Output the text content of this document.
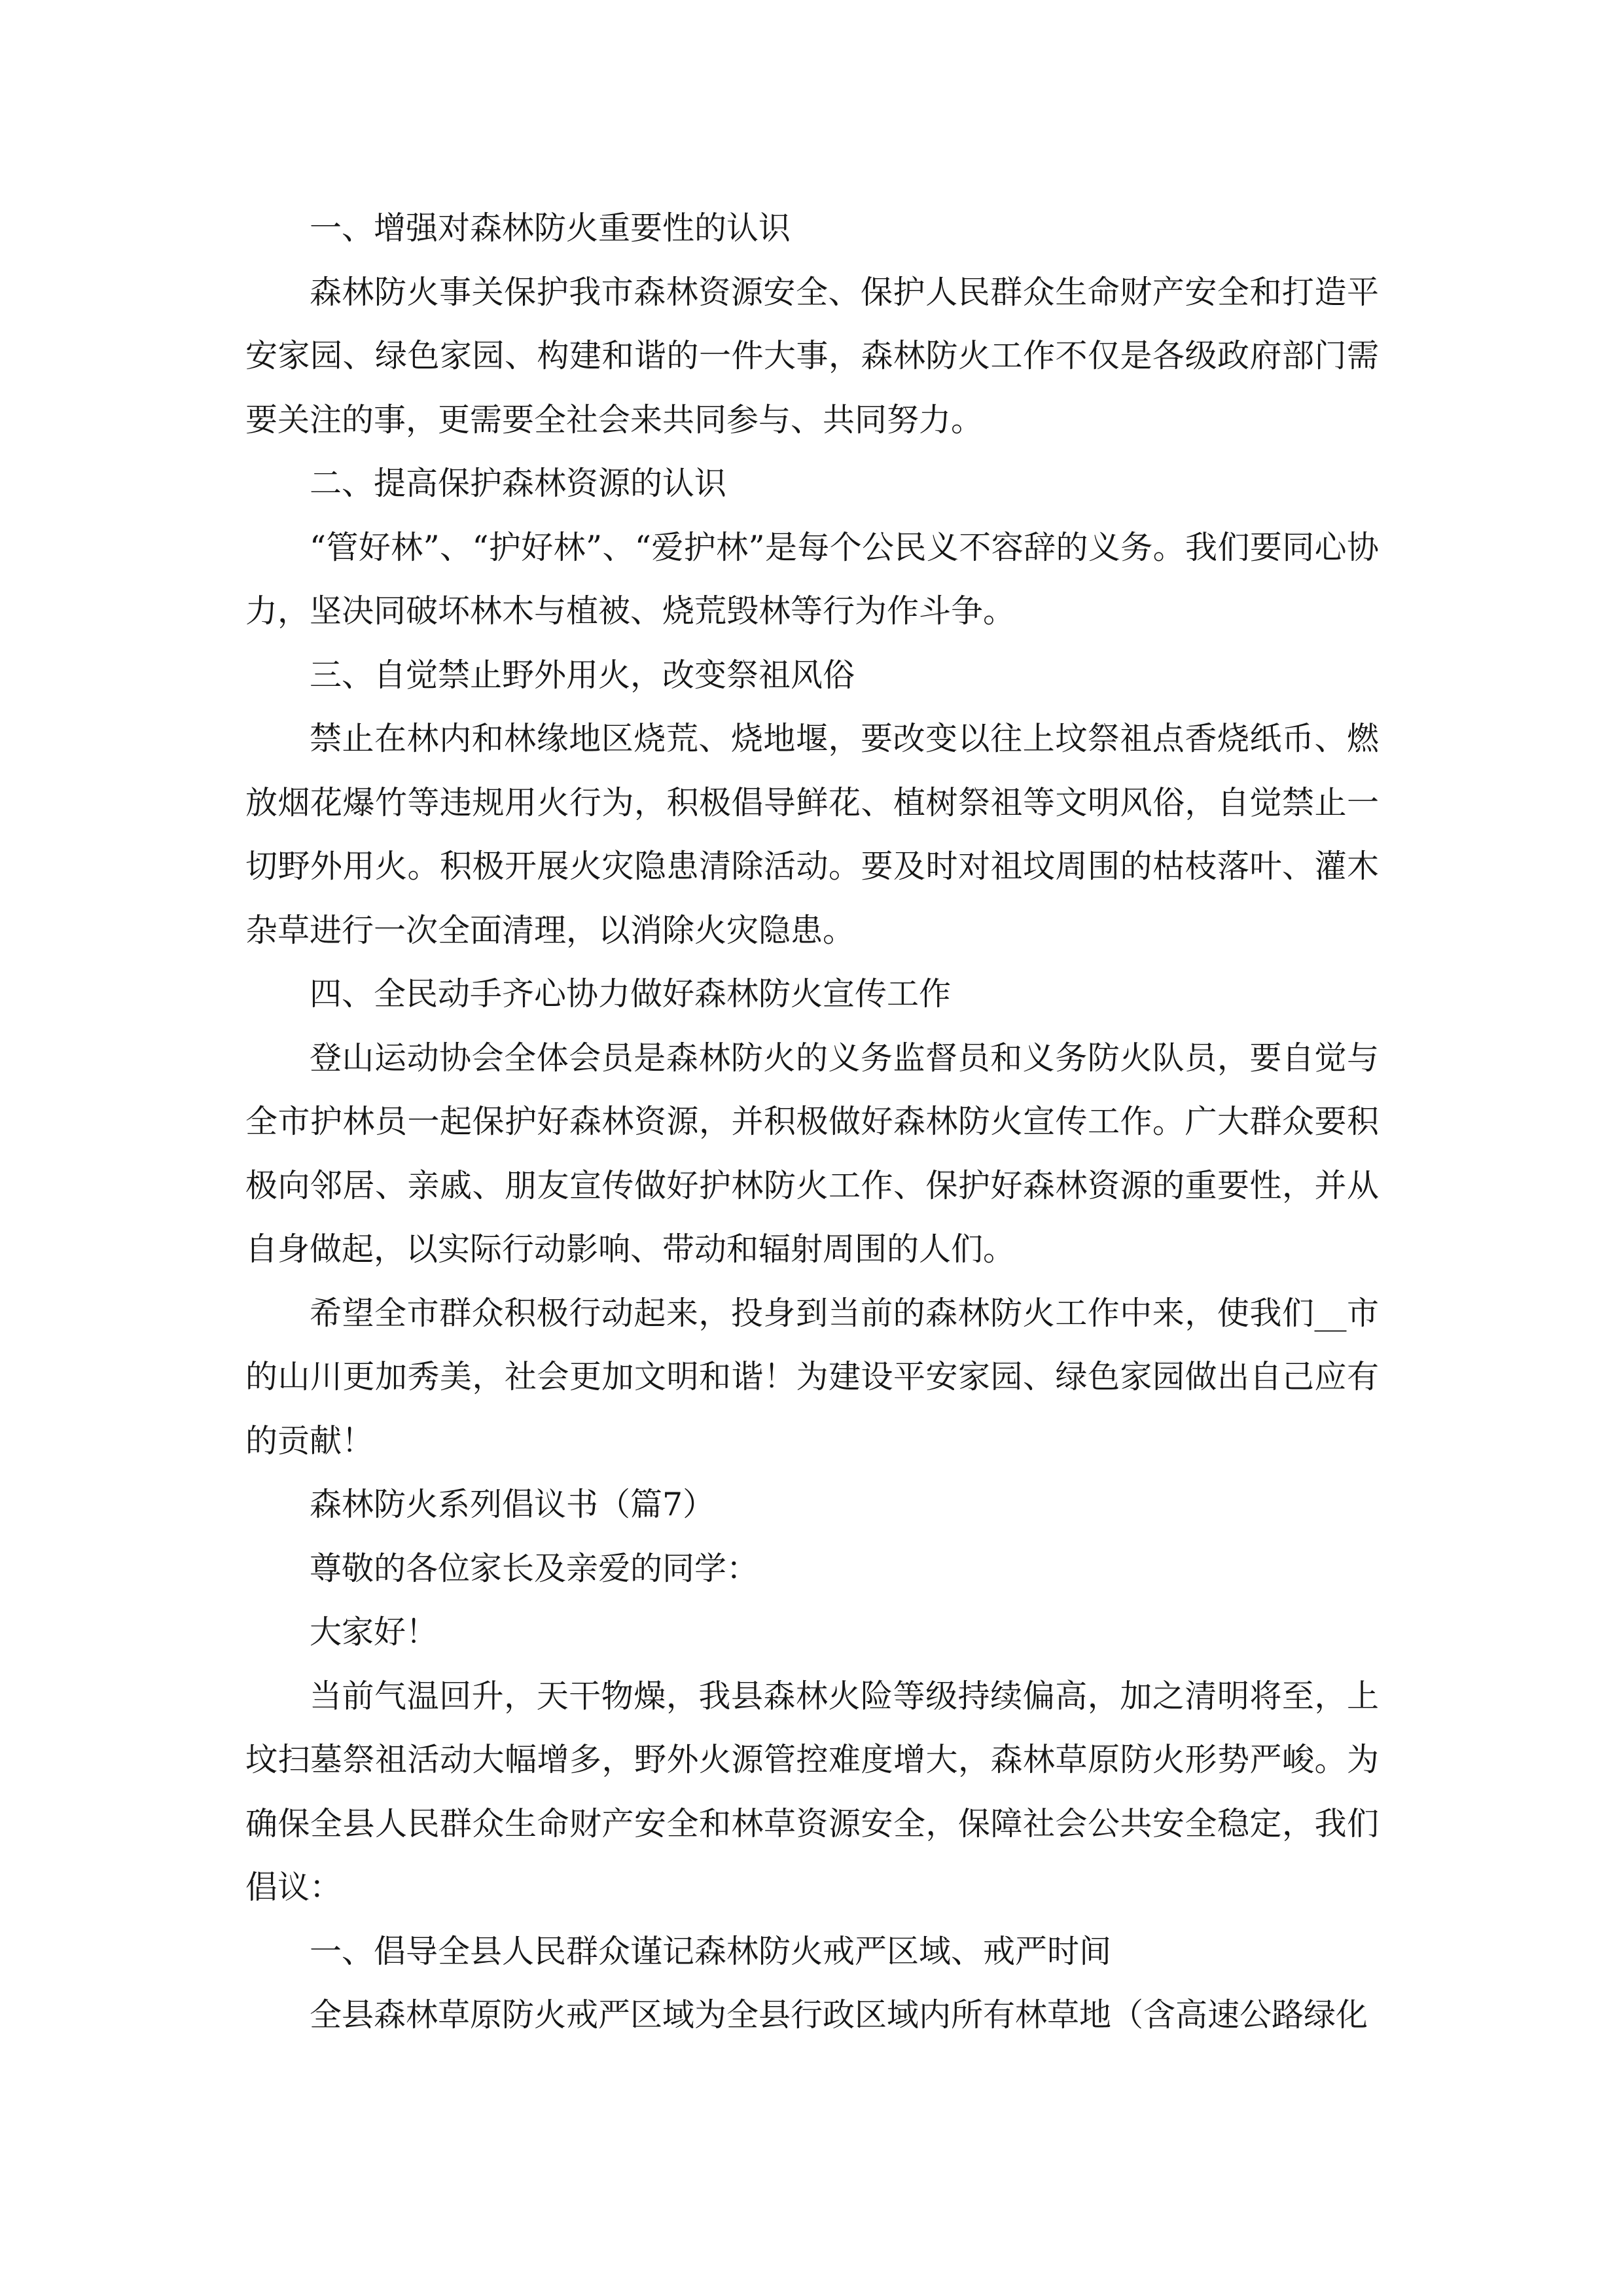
一、增强对森林防火重要性的认识

森林防火事关保护我市森林资源安全、保护人民群众生命财产安全和打造平安家园、绿色家园、构建和谐的一件大事，森林防火工作不仅是各级政府部门需要关注的事，更需要全社会来共同参与、共同努力。

二、提高保护森林资源的认识

“管好林”、“护好林”、“爱护林”是每个公民义不容辞的义务。我们要同心协力，坚决同破坏林木与植被、烧荒毁林等行为作斗争。

三、自觉禁止野外用火，改变祭祖风俗

禁止在林内和林缘地区烧荒、烧地堰，要改变以往上坟祭祖点香烧纸币、燃放烟花爆竹等违规用火行为，积极倡导鲜花、植树祭祖等文明风俗，自觉禁止一切野外用火。积极开展火灾隐患清除活动。要及时对祖坟周围的枯枝落叶、灌木杂草进行一次全面清理，以消除火灾隐患。

四、全民动手齐心协力做好森林防火宣传工作

登山运动协会全体会员是森林防火的义务监督员和义务防火队员，要自觉与全市护林员一起保护好森林资源，并积极做好森林防火宣传工作。广大群众要积极向邻居、亲戚、朋友宣传做好护林防火工作、保护好森林资源的重要性，并从自身做起，以实际行动影响、带动和辐射周围的人们。

希望全市群众积极行动起来，投身到当前的森林防火工作中来，使我们__市的山川更加秀美，社会更加文明和谐！为建设平安家园、绿色家园做出自己应有的贡献！

森林防火系列倡议书（篇7）

尊敬的各位家长及亲爱的同学：

大家好！

当前气温回升，天干物燥，我县森林火险等级持续偏高，加之清明将至，上坟扫墓祭祖活动大幅增多，野外火源管控难度增大，森林草原防火形势严峻。为确保全县人民群众生命财产安全和林草资源安全，保障社会公共安全稳定，我们倡议：

一、倡导全县人民群众谨记森林防火戒严区域、戒严时间

全县森林草原防火戒严区域为全县行政区域内所有林草地（含高速公路绿化
